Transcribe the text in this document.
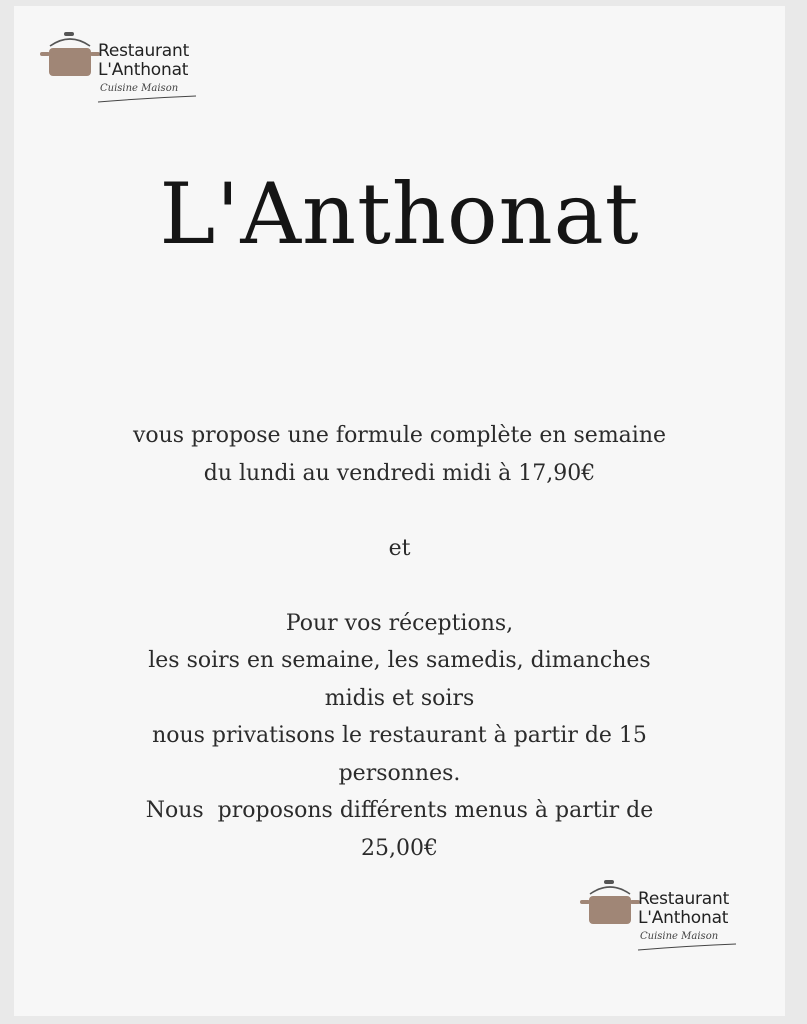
Restaurant
L'Anthonat
Cuisine Maison
L'Anthonat
vous propose une formule complète en semaine
du lundi au vendredi midi à 17,90€
et
Pour vos réceptions,
les soirs en semaine, les samedis, dimanches
midis et soirs
nous privatisons le restaurant à partir de 15
personnes.
Nous  proposons différents menus à partir de
25,00€
Restaurant
L'Anthonat
Cuisine Maison
